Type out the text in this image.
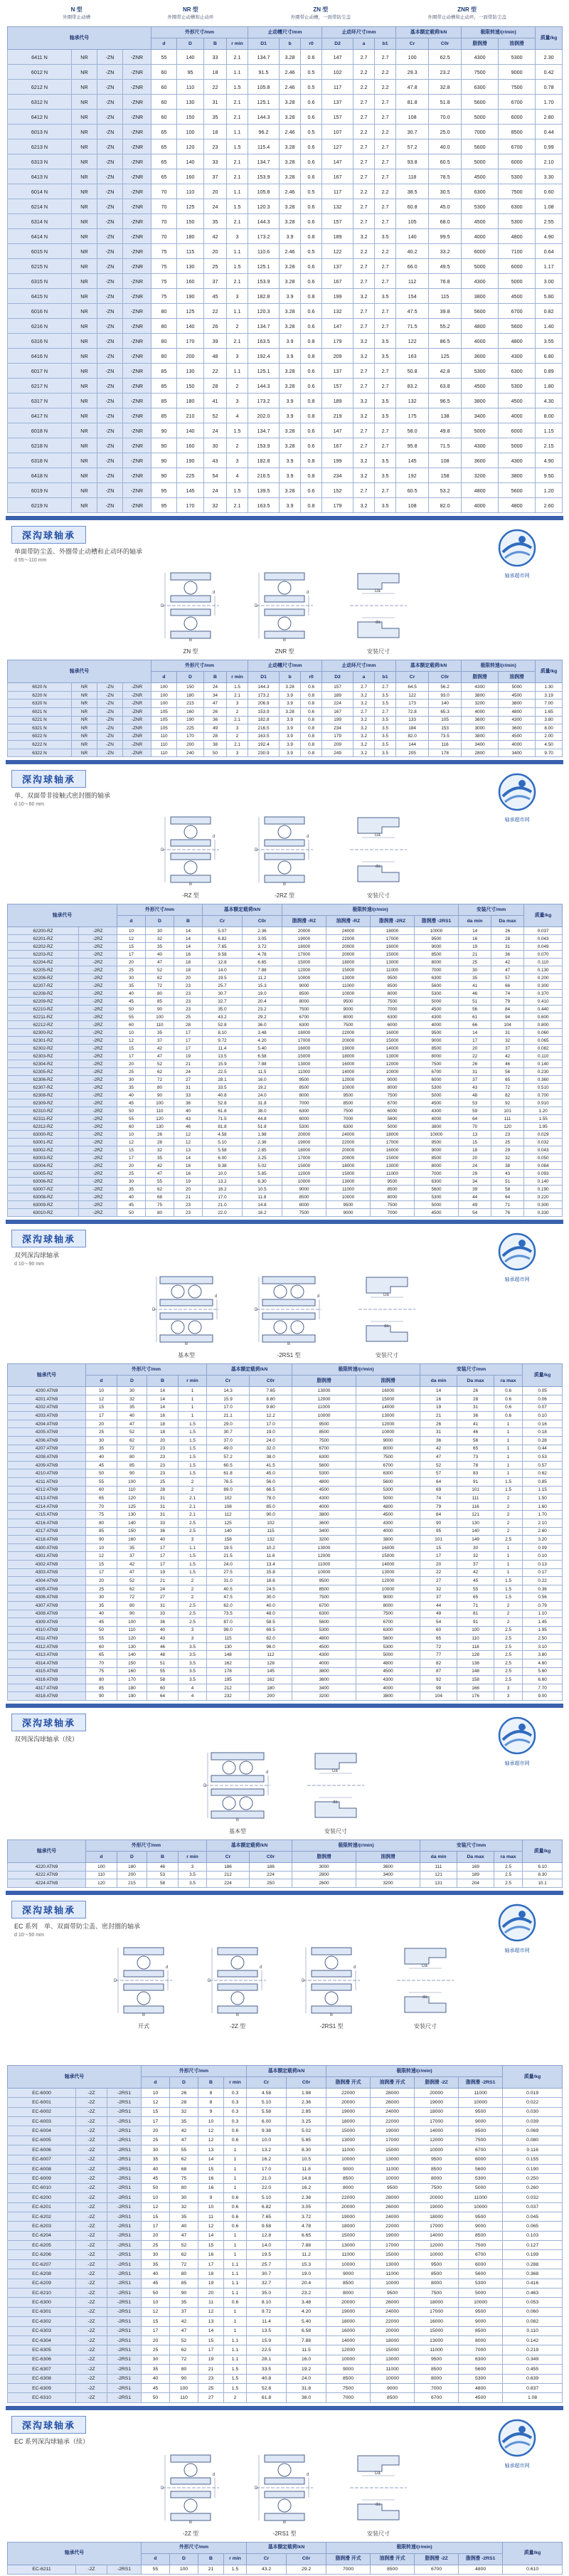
N 型
外圈带止动槽
NR 型
外圈带止动槽和止动环
ZN 型
外圈带止动槽，一面带防尘盖
ZNR 型
外圈带止动槽和止动环，一面带防尘盖
轴承代号				外形尺寸/mm				止动槽尺寸/mm			止动环尺寸/mm			基本额定载荷/kN		极限转速/(r/min)		质量/kg
				d	D	B	r min	D1	b	r0	D2	a	b1	Cr	C0r	脂润滑	油润滑	
6411 N	NR	-ZN	-ZNR	55	140	33	2.1	134.7	3.28	0.6	147	2.7	2.7	100	62.5	4300	5300	2.30
6012 N	NR	-ZN	-ZNR	60	95	18	1.1	91.5	2.46	0.5	102	2.2	2.2	29.3	23.2	7500	9000	0.42
6212 N	NR	-ZN	-ZNR	60	110	22	1.5	105.8	2.46	0.5	117	2.2	2.2	47.8	32.8	6300	7500	0.78
6312 N	NR	-ZN	-ZNR	60	130	31	2.1	125.1	3.28	0.6	137	2.7	2.7	81.8	51.8	5600	6700	1.70
6412 N	NR	-ZN	-ZNR	60	150	35	2.1	144.3	3.28	0.6	157	2.7	2.7	108	70.0	5000	6000	2.80
6013 N	NR	-ZN	-ZNR	65	100	18	1.1	96.2	2.46	0.5	107	2.2	2.2	30.7	25.0	7000	8500	0.44
6213 N	NR	-ZN	-ZNR	65	120	23	1.5	115.4	3.28	0.6	127	2.7	2.7	57.2	40.0	5600	6700	0.99
6313 N	NR	-ZN	-ZNR	65	140	33	2.1	134.7	3.28	0.6	147	2.7	2.7	93.8	60.5	5000	6000	2.10
6413 N	NR	-ZN	-ZNR	65	160	37	2.1	153.9	3.28	0.6	167	2.7	2.7	118	78.5	4500	5300	3.30
6014 N	NR	-ZN	-ZNR	70	110	20	1.1	105.8	2.46	0.5	117	2.2	2.2	38.5	30.5	6300	7500	0.60
6214 N	NR	-ZN	-ZNR	70	125	24	1.5	120.3	3.28	0.6	132	2.7	2.7	60.8	45.0	5300	6300	1.08
6314 N	NR	-ZN	-ZNR	70	150	35	2.1	144.3	3.28	0.6	157	2.7	2.7	105	68.0	4500	5300	2.55
6414 N	NR	-ZN	-ZNR	70	180	42	3	173.2	3.9	0.8	189	3.2	3.5	140	99.5	4000	4800	4.90
6015 N	NR	-ZN	-ZNR	75	115	20	1.1	110.6	2.46	0.5	122	2.2	2.2	40.2	33.2	6000	7100	0.64
6215 N	NR	-ZN	-ZNR	75	130	25	1.5	125.1	3.28	0.6	137	2.7	2.7	66.0	49.5	5000	6000	1.17
6315 N	NR	-ZN	-ZNR	75	160	37	2.1	153.9	3.28	0.6	167	2.7	2.7	112	76.8	4300	5000	3.00
6415 N	NR	-ZN	-ZNR	75	190	45	3	182.8	3.9	0.8	199	3.2	3.5	154	115	3800	4500	5.80
6016 N	NR	-ZN	-ZNR	80	125	22	1.1	120.3	3.28	0.6	132	2.7	2.7	47.5	39.8	5600	6700	0.82
6216 N	NR	-ZN	-ZNR	80	140	26	2	134.7	3.28	0.6	147	2.7	2.7	71.5	55.2	4800	5600	1.40
6316 N	NR	-ZN	-ZNR	80	170	39	2.1	163.5	3.9	0.8	179	3.2	3.5	122	86.5	4000	4800	3.55
6416 N	NR	-ZN	-ZNR	80	200	48	3	192.4	3.9	0.8	209	3.2	3.5	163	125	3600	4300	6.80
6017 N	NR	-ZN	-ZNR	85	130	22	1.1	125.1	3.28	0.6	137	2.7	2.7	50.8	42.8	5300	6300	0.89
6217 N	NR	-ZN	-ZNR	85	150	28	2	144.3	3.28	0.6	157	2.7	2.7	83.2	63.8	4500	5300	1.80
6317 N	NR	-ZN	-ZNR	85	180	41	3	173.2	3.9	0.8	189	3.2	3.5	132	96.5	3800	4500	4.30
6417 N	NR	-ZN	-ZNR	85	210	52	4	202.0	3.9	0.8	219	3.2	3.5	175	138	3400	4000	8.00
6018 N	NR	-ZN	-ZNR	90	140	24	1.5	134.7	3.28	0.6	147	2.7	2.7	58.0	49.8	5000	6000	1.15
6218 N	NR	-ZN	-ZNR	90	160	30	2	153.9	3.28	0.6	167	2.7	2.7	95.8	71.5	4300	5000	2.15
6318 N	NR	-ZN	-ZNR	90	190	43	3	182.8	3.9	0.8	199	3.2	3.5	145	108	3600	4300	4.90
6418 N	NR	-ZN	-ZNR	90	225	54	4	216.5	3.9	0.8	234	3.2	3.5	192	158	3200	3800	9.50
6019 N	NR	-ZN	-ZNR	95	145	24	1.5	139.5	3.28	0.6	152	2.7	2.7	60.5	53.2	4800	5600	1.20
6219 N	NR	-ZN	-ZNR	95	170	32	2.1	163.5	3.9	0.8	179	3.2	3.5	108	82.0	4000	4800	2.60
深沟球轴承
单面带防尘盖、外圈带止动槽和止动环的轴承
d 55～110 mm
D
d
B
ZN 型
D
d
B
ZNR 型
Da
da
安装尺寸
轴承超市网
轴承代号				外形尺寸/mm				止动槽尺寸/mm			止动环尺寸/mm			基本额定载荷/kN		极限转速/(r/min)		质量/kg
				d	D	B	r min	D1	b	r0	D2	a	b1	Cr	C0r	脂润滑	油润滑	
6020 N	NR	-ZN	-ZNR	100	150	24	1.5	144.3	3.28	0.6	157	2.7	2.7	64.5	56.2	4300	5000	1.30
6220 N	NR	-ZN	-ZNR	100	180	34	2.1	173.2	3.9	0.8	189	3.2	3.5	122	93.0	3800	4500	3.19
6320 N	NR	-ZN	-ZNR	100	215	47	3	206.9	3.9	0.8	224	3.2	3.5	173	140	3200	3800	7.00
6021 N	NR	-ZN	-ZNR	105	160	26	2	153.9	3.28	0.6	167	2.7	2.7	72.8	65.3	4000	4800	1.65
6221 N	NR	-ZN	-ZNR	105	190	36	2.1	182.8	3.9	0.8	199	3.2	3.5	133	105	3600	4300	3.80
6321 N	NR	-ZN	-ZNR	105	225	49	3	216.5	3.9	0.8	234	3.2	3.5	184	153	3000	3600	8.00
6022 N	NR	-ZN	-ZNR	110	170	28	2	163.5	3.9	0.8	179	3.2	3.5	82.0	73.5	3800	4500	2.00
6222 N	NR	-ZN	-ZNR	110	200	38	2.1	192.4	3.9	0.8	209	3.2	3.5	144	116	3400	4000	4.50
6322 N	NR	-ZN	-ZNR	110	240	50	3	230.9	3.9	0.8	249	3.2	3.5	205	178	2800	3400	9.70
深沟球轴承
单、双面带非接触式密封圈的轴承
d 10～60 mm
D
d
B
-RZ 型
D
d
B
-2RZ 型
Da
da
安装尺寸
轴承超市网
轴承代号		外形尺寸/mm			基本额定载荷/kN		极限转速/(r/min)				安装尺寸/mm		质量/kg
		d	D	B	Cr	C0r	脂润滑 -RZ	油润滑 -RZ	脂润滑 -2RZ	脂润滑 -2RS1	da min	Da max	
62200-RZ	-2RZ	10	30	14	5.07	2.36	20000	24000	18000	10000	14	26	0.037
62201-RZ	-2RZ	12	32	14	6.82	3.05	19000	22000	17000	9500	16	28	0.043
62202-RZ	-2RZ	15	35	14	7.65	3.72	18000	20000	16000	9000	19	31	0.049
62203-RZ	-2RZ	17	40	16	9.58	4.78	17000	20000	15000	8500	21	36	0.070
62204-RZ	-2RZ	20	47	18	12.8	6.65	15000	18000	13000	8000	25	42	0.110
62205-RZ	-2RZ	25	52	18	14.0	7.88	12000	15000	11000	7000	30	47	0.130
62206-RZ	-2RZ	30	62	20	19.5	11.2	10000	13000	9500	6300	35	57	0.200
62207-RZ	-2RZ	35	72	23	25.7	15.3	9000	11000	8500	5600	41	66	0.300
62208-RZ	-2RZ	40	80	23	30.7	19.0	8500	10000	8000	5300	46	74	0.370
62209-RZ	-2RZ	45	85	23	32.7	20.4	8000	9500	7500	5000	51	79	0.410
62210-RZ	-2RZ	50	90	23	35.0	23.2	7500	9000	7000	4500	56	84	0.440
62211-RZ	-2RZ	55	100	25	43.2	29.2	6700	8000	6300	4300	61	94	0.600
62212-RZ	-2RZ	60	110	28	52.8	36.0	6300	7500	6000	4000	66	104	0.800
62300-RZ	-2RZ	10	35	17	8.10	3.48	18000	22000	16000	9500	14	31	0.060
62301-RZ	-2RZ	12	37	17	9.72	4.20	17000	20000	15000	9000	17	32	0.065
62302-RZ	-2RZ	15	42	17	11.4	5.40	16000	19000	14000	8500	20	37	0.082
62303-RZ	-2RZ	17	47	19	13.5	6.58	15000	18000	13000	8000	22	42	0.110
62304-RZ	-2RZ	20	52	21	15.9	7.88	13000	16000	12000	7500	26	46	0.140
62305-RZ	-2RZ	25	62	24	22.5	11.5	11000	14000	10000	6700	31	56	0.230
62306-RZ	-2RZ	30	72	27	28.1	16.0	9500	12000	9000	6000	37	65	0.360
62307-RZ	-2RZ	35	80	31	33.5	19.2	8500	10000	8000	5300	43	72	0.510
62308-RZ	-2RZ	40	90	33	40.8	24.0	8000	9500	7500	5000	48	82	0.700
62309-RZ	-2RZ	45	100	36	52.8	31.8	7000	8500	6700	4500	53	92	0.910
62310-RZ	-2RZ	50	110	40	61.8	38.0	6300	7500	6000	4300	59	101	1.20
62311-RZ	-2RZ	55	120	43	71.5	44.8	6000	7000	5600	4000	64	111	1.55
62312-RZ	-2RZ	60	130	46	81.8	51.8	5300	6300	5000	3800	70	120	1.95
63000-RZ	-2RZ	10	26	12	4.58	1.98	20000	24000	18000	10000	13	23	0.029
63001-RZ	-2RZ	12	28	12	5.10	2.36	19000	22000	17000	9500	15	25	0.032
63002-RZ	-2RZ	15	32	13	5.58	2.85	18000	20000	16000	9000	18	29	0.043
63003-RZ	-2RZ	17	35	14	6.00	3.25	17000	20000	15000	8500	20	32	0.050
63004-RZ	-2RZ	20	42	16	9.38	5.02	15000	18000	13000	8000	24	38	0.084
63005-RZ	-2RZ	25	47	16	10.0	5.85	12000	15000	11000	7000	29	43	0.093
63006-RZ	-2RZ	30	55	19	13.2	8.30	10000	13000	9500	6300	34	51	0.140
63007-RZ	-2RZ	35	62	20	16.2	10.5	9000	11000	8500	5600	39	58	0.190
63008-RZ	-2RZ	40	68	21	17.0	11.8	8500	10000	8000	5300	44	64	0.220
63009-RZ	-2RZ	45	75	23	21.0	14.8	8000	9500	7500	5000	49	71	0.300
63010-RZ	-2RZ	50	80	23	22.0	16.2	7500	9000	7000	4500	54	76	0.330
深沟球轴承
双列深沟球轴承
d 10～90 mm
D
d
B
基本型
D
d
B
-2RS1 型
Da
da
安装尺寸
轴承超市网
轴承代号	外形尺寸/mm				基本额定载荷/kN		极限转速/(r/min)		安装尺寸/mm			质量/kg
	d	D	B	r min	Cr	C0r	脂润滑	油润滑	da min	Da max	ra max	
4200 ATN9	10	30	14	1	14.3	7.65	13000	16000	14	26	0.6	0.05
4201 ATN9	12	32	14	1	15.9	8.80	12000	15000	16	28	0.6	0.06
4202 ATN9	15	35	14	1	17.0	9.80	11000	14000	19	31	0.6	0.07
4203 ATN9	17	40	16	1	21.1	12.2	10000	13000	21	36	0.6	0.10
4204 ATN9	20	47	18	1.5	29.0	17.0	9500	12000	26	41	1	0.16
4205 ATN9	25	52	18	1.5	30.7	19.0	8500	10000	31	46	1	0.18
4206 ATN9	30	62	20	1.5	37.0	24.0	7500	9000	36	56	1	0.28
4207 ATN9	35	72	23	1.5	49.0	32.0	6700	8000	42	65	1	0.44
4208 ATN9	40	80	23	1.5	57.2	38.0	6300	7500	47	73	1	0.53
4209 ATN9	45	85	23	1.5	60.5	41.5	5600	6700	52	78	1	0.57
4210 ATN9	50	90	23	1.5	61.8	45.0	5300	6300	57	83	1	0.62
4211 ATN9	55	100	25	2	76.5	56.0	4800	5600	64	91	1.5	0.85
4212 ATN9	60	110	28	2	89.0	66.5	4500	5300	69	101	1.5	1.15
4213 ATN9	65	120	31	2.1	102	78.0	4300	5000	74	111	2	1.50
4214 ATN9	70	125	31	2.1	108	85.0	4000	4800	79	116	2	1.60
4215 ATN9	75	130	31	2.1	112	90.0	3800	4500	84	121	2	1.70
4216 ATN9	80	140	33	2.5	125	102	3600	4300	90	130	2	2.10
4217 ATN9	85	150	36	2.5	140	115	3400	4000	95	140	2	2.60
4218 ATN9	90	160	40	3	158	132	3200	3800	101	149	2.5	3.20
4300 ATN9	10	35	17	1.1	19.5	10.2	13000	16000	15	30	1	0.09
4301 ATN9	12	37	17	1.5	21.5	11.6	12000	15000	17	32	1	0.10
4302 ATN9	15	42	17	1.5	24.0	13.4	11000	14000	20	37	1	0.13
4303 ATN9	17	47	19	1.5	27.5	15.8	10000	13000	22	42	1	0.17
4304 ATN9	20	52	21	2	31.0	18.6	9500	12000	27	45	1.5	0.22
4305 ATN9	25	62	24	2	40.5	24.5	8500	10000	32	55	1.5	0.36
4306 ATN9	30	72	27	2	47.5	30.0	7500	9000	37	65	1.5	0.56
4307 ATN9	35	80	31	2.5	62.0	40.0	6700	8000	44	71	2	0.79
4308 ATN9	40	90	33	2.5	73.5	48.0	6300	7500	49	81	2	1.10
4309 ATN9	45	100	36	2.5	87.0	58.5	5600	6700	54	91	2	1.45
4310 ATN9	50	110	40	3	99.0	69.5	5300	6300	60	100	2.5	1.95
4311 ATN9	55	120	43	3	115	82.0	4800	5600	65	110	2.5	2.50
4312 ATN9	60	130	46	3.5	130	96.0	4500	5300	72	118	2.5	3.10
4313 ATN9	65	140	48	3.5	148	112	4300	5000	77	128	2.5	3.80
4314 ATN9	70	150	51	3.5	162	128	4000	4800	82	138	2.5	4.60
4315 ATN9	75	160	55	3.5	178	145	3800	4500	87	148	2.5	5.60
4316 ATN9	80	170	58	3.5	195	162	3600	4300	92	158	2.5	6.60
4317 ATN9	85	180	60	4	212	180	3400	4000	99	166	3	7.70
4318 ATN9	90	190	64	4	232	200	3200	3800	104	176	3	9.00
深沟球轴承
双列深沟球轴承（续）
D
d
B
基本型
Da
da
安装尺寸
轴承超市网
轴承代号	外形尺寸/mm				基本额定载荷/kN		极限转速/(r/min)		安装尺寸/mm			质量/kg
	d	D	B	r min	Cr	C0r	脂润滑	油润滑	da min	Da max	ra max	
4220 ATN9	100	180	46	3	186	186	3000	3600	111	169	2.5	6.10
4222 ATN9	110	200	53	3.5	212	224	2800	3400	121	189	2.5	8.30
4224 ATN9	120	215	58	3.5	224	250	2600	3200	131	204	2.5	10.1
深沟球轴承
EC 系列　单、双面带防尘盖、密封圈的轴承
d 10～50 mm
D
d
B
开式
D
d
B
-2Z 型
D
d
B
-2RS1 型
Da
da
安装尺寸
轴承超市网
轴承代号			外形尺寸/mm				基本额定载荷/kN		极限转速/(r/min)				质量/kg
			d	D	B	r min	Cr	C0r	脂润滑 开式	油润滑 开式	脂润滑 -2Z	脂润滑 -2RS1	
EC-6000	-2Z	-2RS1	10	26	8	0.3	4.58	1.98	22000	28000	20000	11000	0.019
EC-6001	-2Z	-2RS1	12	28	8	0.3	5.10	2.36	20000	26000	19000	10000	0.022
EC-6002	-2Z	-2RS1	15	32	9	0.3	5.58	2.85	19000	24000	18000	9500	0.030
EC-6003	-2Z	-2RS1	17	35	10	0.3	6.00	3.25	18000	22000	17000	9000	0.039
EC-6004	-2Z	-2RS1	20	42	12	0.6	9.38	5.02	15000	19000	14000	8500	0.069
EC-6005	-2Z	-2RS1	25	47	12	0.6	10.0	5.85	13000	17000	12000	7500	0.080
EC-6006	-2Z	-2RS1	30	55	13	1	13.2	8.30	11000	15000	10000	6700	0.116
EC-6007	-2Z	-2RS1	35	62	14	1	16.2	10.5	10000	13000	9500	6000	0.155
EC-6008	-2Z	-2RS1	40	68	15	1	17.0	11.8	9000	11000	8500	5600	0.190
EC-6009	-2Z	-2RS1	45	75	16	1	21.0	14.8	8500	10000	8000	5300	0.250
EC-6010	-2Z	-2RS1	50	80	16	1	22.0	16.2	8000	9500	7500	5000	0.260
EC-6200	-2Z	-2RS1	10	30	9	0.6	5.10	2.38	22000	28000	20000	11000	0.032
EC-6201	-2Z	-2RS1	12	32	10	0.6	6.82	3.05	20000	26000	19000	10000	0.037
EC-6202	-2Z	-2RS1	15	35	11	0.6	7.65	3.72	19000	24000	18000	9500	0.045
EC-6203	-2Z	-2RS1	17	40	12	0.6	9.58	4.78	18000	22000	17000	9000	0.065
EC-6204	-2Z	-2RS1	20	47	14	1	12.8	6.65	15000	19000	14000	8500	0.103
EC-6205	-2Z	-2RS1	25	52	15	1	14.0	7.88	13000	17000	12000	7500	0.127
EC-6206	-2Z	-2RS1	30	62	16	1	19.5	11.2	11000	15000	10000	6700	0.199
EC-6207	-2Z	-2RS1	35	72	17	1.1	25.7	15.3	10000	13000	9500	6000	0.288
EC-6208	-2Z	-2RS1	40	80	18	1.1	30.7	19.0	9000	11000	8500	5600	0.368
EC-6209	-2Z	-2RS1	45	85	19	1.1	32.7	20.4	8500	10000	8000	5300	0.416
EC-6210	-2Z	-2RS1	50	90	20	1.1	35.0	23.2	8000	9500	7500	5000	0.463
EC-6300	-2Z	-2RS1	10	35	11	0.6	8.10	3.48	20000	26000	18000	10000	0.053
EC-6301	-2Z	-2RS1	12	37	12	1	9.72	4.20	19000	24000	17000	9500	0.060
EC-6302	-2Z	-2RS1	15	42	13	1	11.4	5.40	18000	22000	16000	9000	0.082
EC-6303	-2Z	-2RS1	17	47	14	1	13.5	6.58	16000	20000	15000	8500	0.110
EC-6304	-2Z	-2RS1	20	52	15	1.1	15.9	7.88	14000	18000	13000	8000	0.142
EC-6305	-2Z	-2RS1	25	62	17	1.1	22.5	11.5	12000	15000	11000	7000	0.219
EC-6306	-2Z	-2RS1	30	72	19	1.1	28.1	16.0	10000	13000	9500	6300	0.349
EC-6307	-2Z	-2RS1	35	80	21	1.5	33.5	19.2	9000	11000	8500	5600	0.455
EC-6308	-2Z	-2RS1	40	90	23	1.5	40.8	24.0	8500	10000	8000	5300	0.639
EC-6309	-2Z	-2RS1	45	100	25	1.5	52.8	31.8	7500	9000	7000	4800	0.837
EC-6310	-2Z	-2RS1	50	110	27	2	61.8	38.0	7000	8500	6700	4500	1.08
深沟球轴承
EC 系列深沟球轴承（续）
D
d
B
-2Z 型
D
d
B
-2RS1 型
Da
da
安装尺寸
轴承超市网
轴承代号			外形尺寸/mm				基本额定载荷/kN		极限转速/(r/min)				质量/kg
			d	D	B	r min	Cr	C0r	脂润滑 开式	油润滑 开式	脂润滑 -2Z	脂润滑 -2RS1	
EC-6211	-2Z	-2RS1	55	100	21	1.5	43.2	29.2	7000	8500	6700	4800	0.610
